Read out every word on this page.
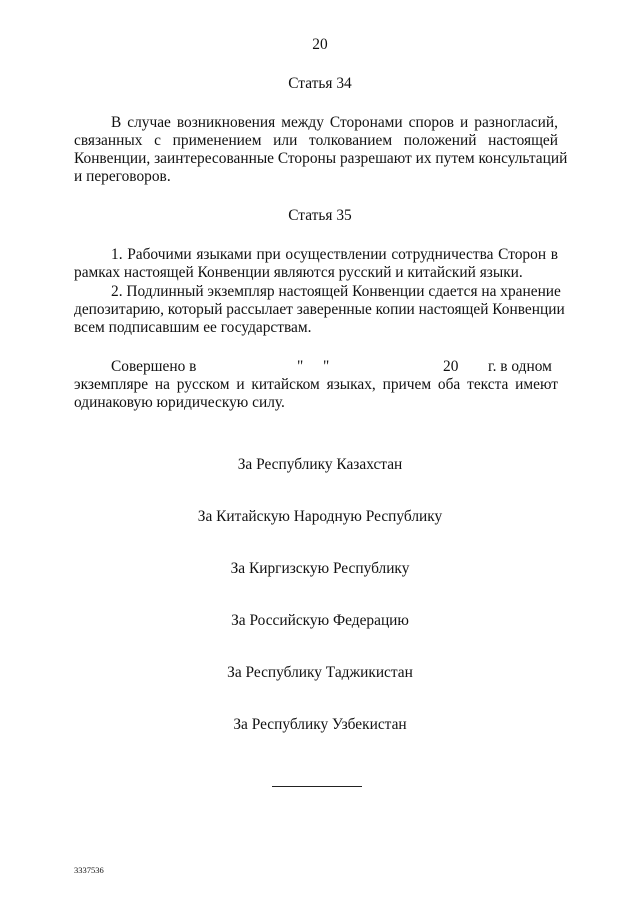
20

Статья 34

В случае возникновения между Сторонами споров и разногласий,

связанных с применением или толкованием положений настоящей

Конвенции, заинтересованные Стороны разрешают их путем консультаций

и переговоров.

Статья 35

1. Рабочими языками при осуществлении сотрудничества Сторон в

рамках настоящей Конвенции являются русский и китайский языки.

2. Подлинный экземпляр настоящей Конвенции сдается на хранение

депозитарию, который рассылает заверенные копии настоящей Конвенции

всем подписавшим ее государствам.

Совершено в	" "	20 г. в одном

экземпляре на русском и китайском языках, причем оба текста имеют

одинаковую юридическую силу.

За Республику Казахстан

За Китайскую Народную Республику

За Киргизскую Республику

За Российскую Федерацию

За Республику Таджикистан

За Республику Узбекистан

3337536
